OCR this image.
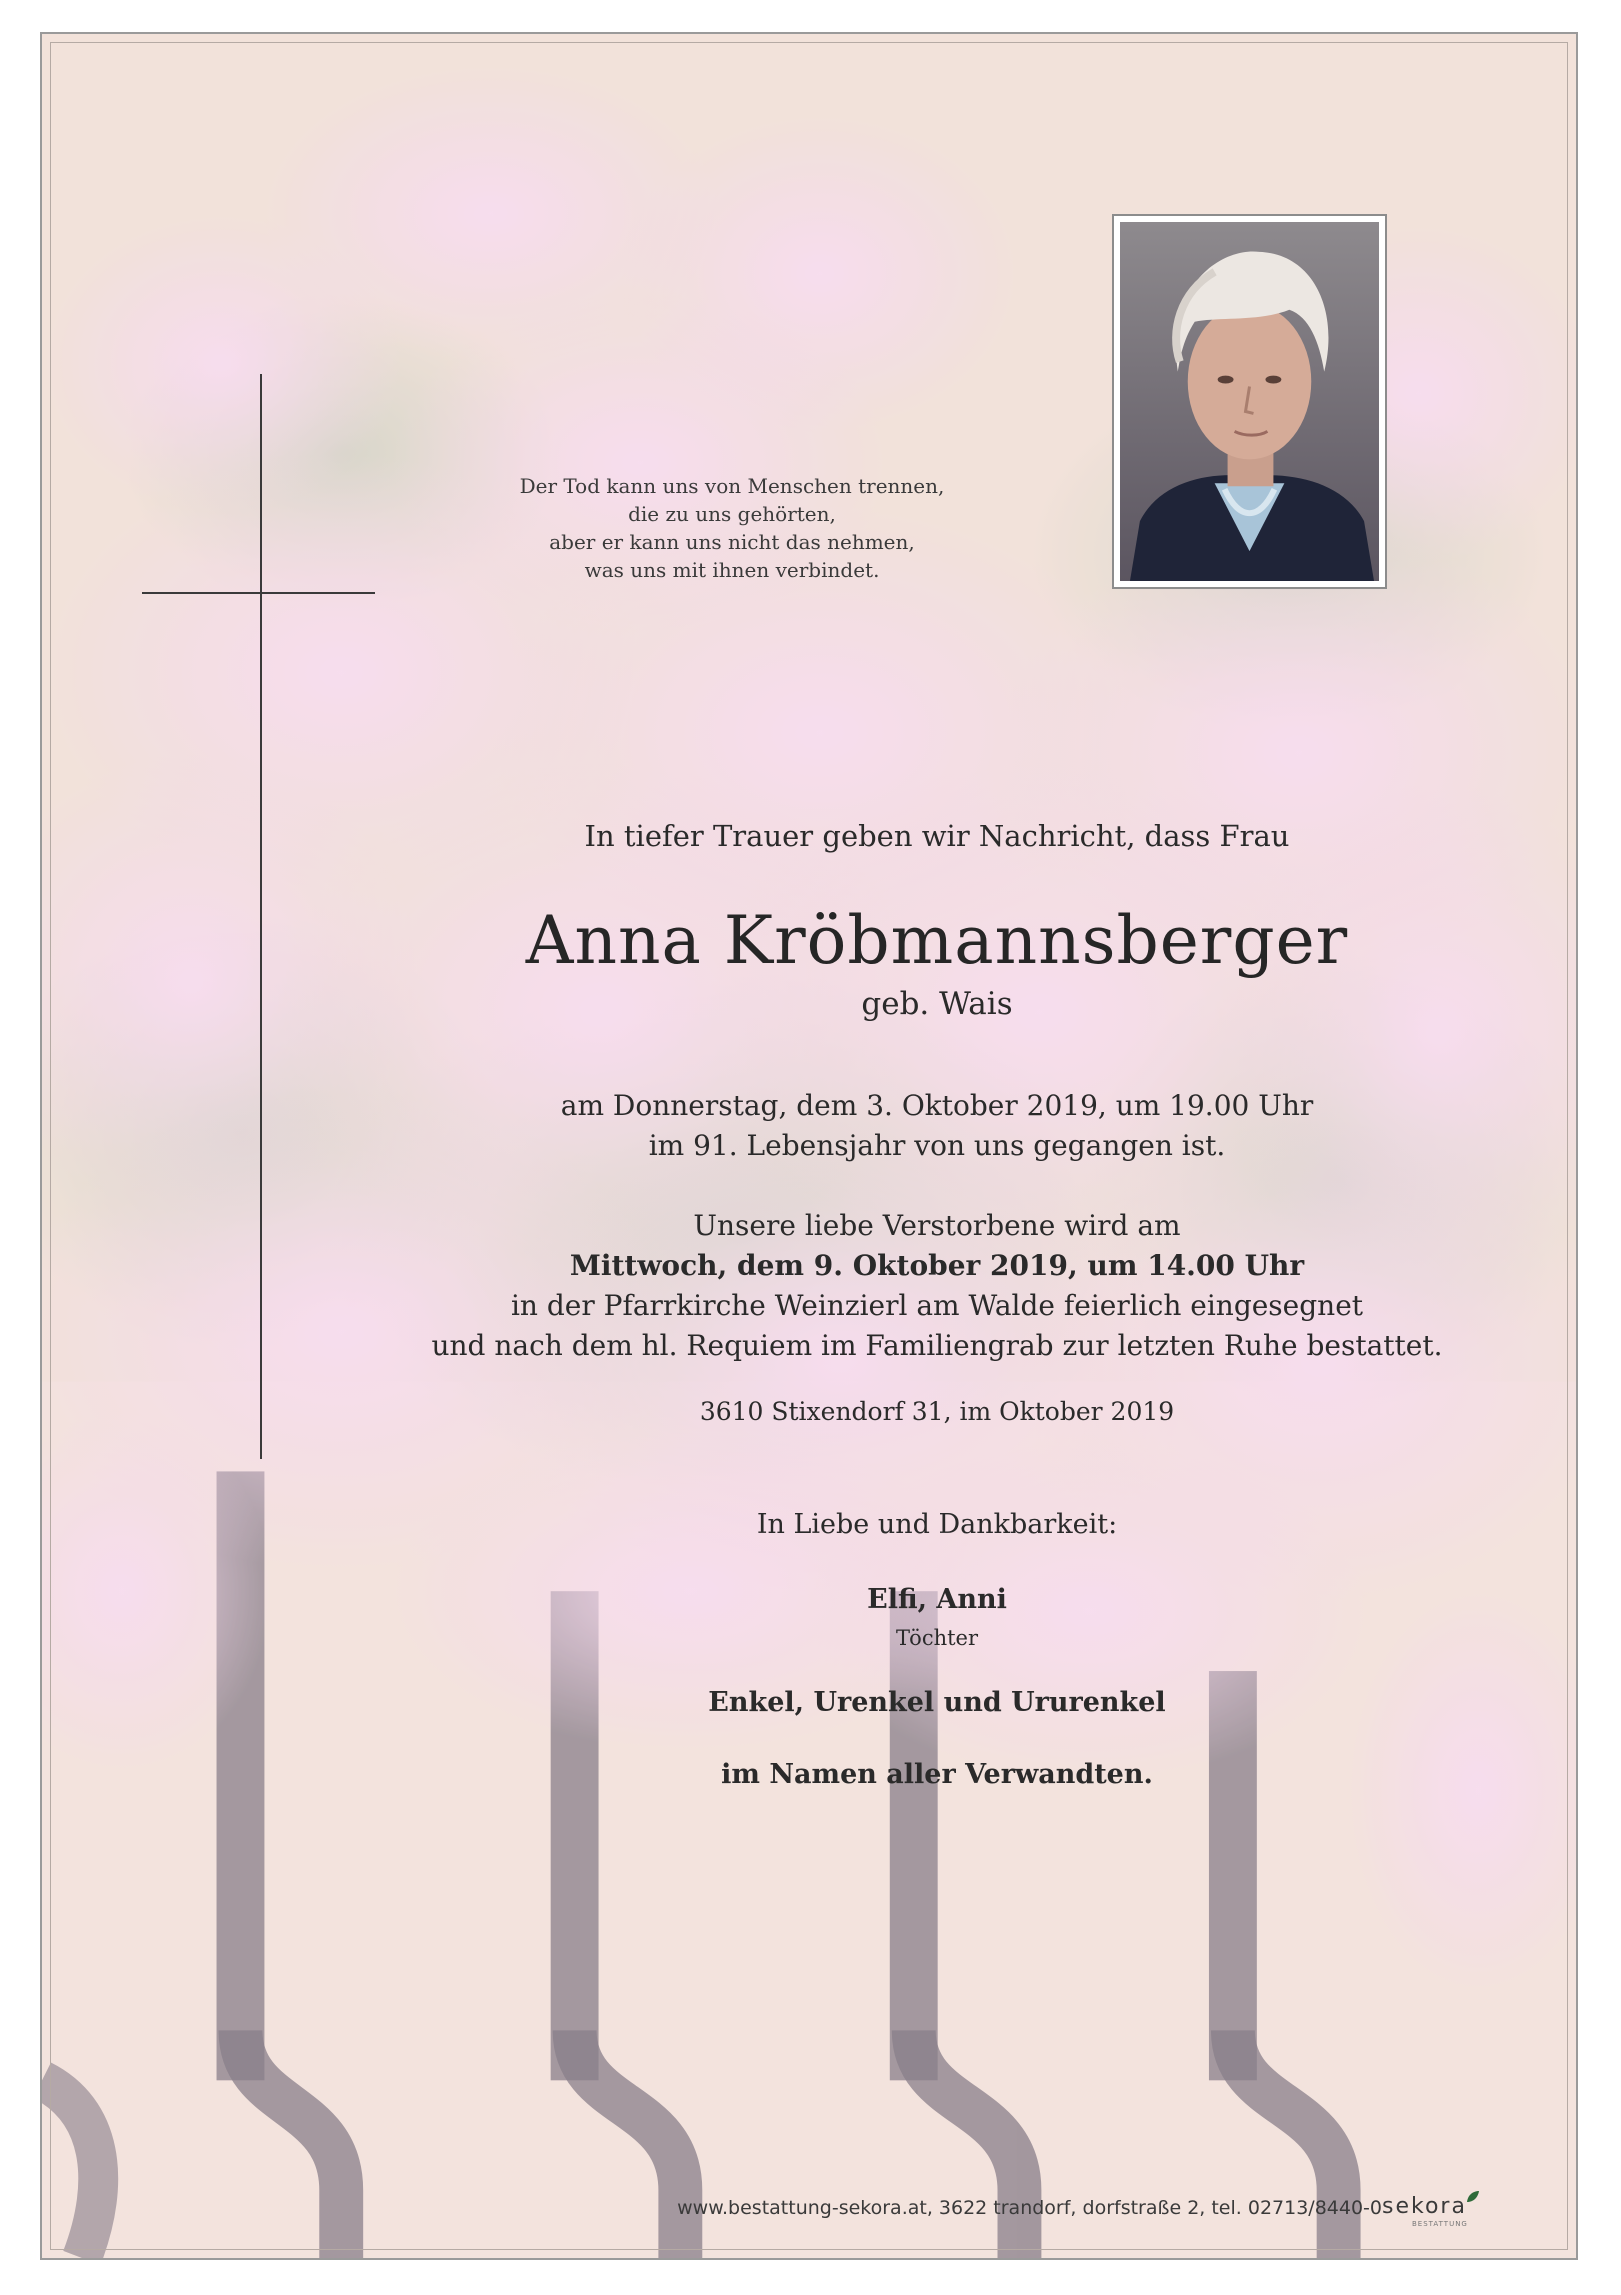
Der Tod kann uns von Menschen trennen,
die zu uns gehörten,
aber er kann uns nicht das nehmen,
was uns mit ihnen verbindet.
In tiefer Trauer geben wir Nachricht, dass Frau
Anna Kröbmannsberger
geb. Wais
am Donnerstag, dem 3. Oktober 2019, um 19.00 Uhr
im 91. Lebensjahr von uns gegangen ist.
Unsere liebe Verstorbene wird am
Mittwoch, dem 9. Oktober 2019, um 14.00 Uhr
in der Pfarrkirche Weinzierl am Walde feierlich eingesegnet
und nach dem hl. Requiem im Familiengrab zur letzten Ruhe bestattet.
3610 Stixendorf 31, im Oktober 2019
In Liebe und Dankbarkeit:
Elfi, Anni
Töchter
Enkel, Urenkel und Ururenkel
im Namen aller Verwandten.
www.bestattung-sekora.at, 3622 trandorf, dorfstraße 2, tel. 02713/8440-0 sekora
BESTATTUNG
